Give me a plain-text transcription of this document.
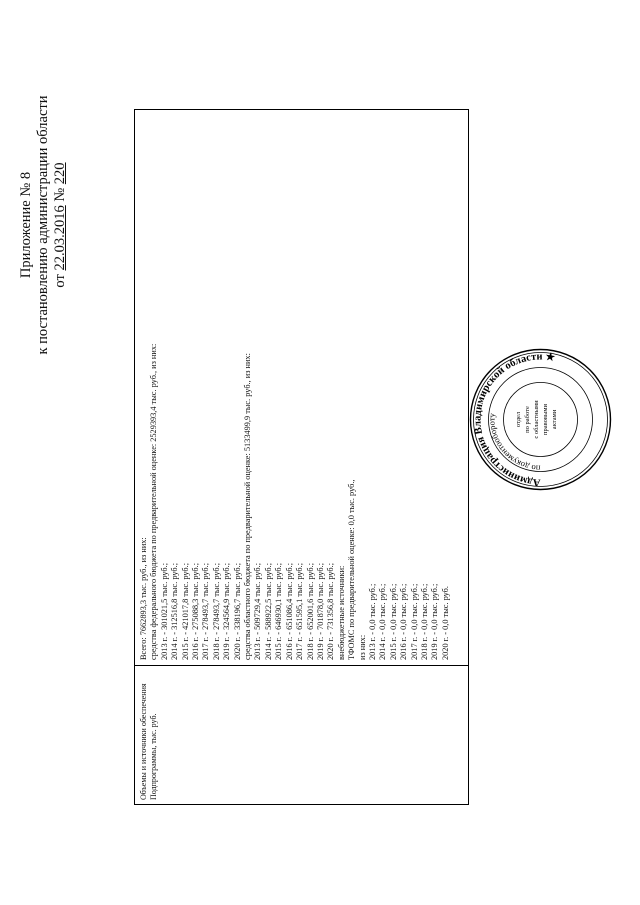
Приложение № 8 к постановлению администрации области от 22.03.2016 № 220
Объемы и источники обеспечения Подпрограммы, тыс. руб.
Всего: 7662893,3 тыс. руб., из них: средства федерального бюджета по предварительной оценке: 2529393,4 тыс. руб., из них: 2013 г. - 301021,5 тыс. руб.; 2014 г. - 312516,8 тыс. руб.; 2015 г. - 421017,8 тыс. руб.; 2016 г. - 275088,3 тыс. руб.; 2017 г. - 278493,7 тыс. руб.; 2018 г. - 278493,7 тыс. руб.; 2019 г. - 324564,9 тыс. руб.; 2020 г. - 338196,7 тыс. руб.; средства областного бюджета по предварительной оценке: 5133499,9 тыс. руб., из них: 2013 г. - 509729,4 тыс. руб.; 2014 г. - 588922,5 тыс. руб.; 2015 г. - 646930,1 тыс. руб.; 2016 г. - 651086,4 тыс. руб.; 2017 г. - 651595,1 тыс. руб.; 2018 г. - 652001,6 тыс. руб.; 2019 г. - 701878,0 тыс. руб.; 2020 г. - 731356,8 тыс. руб.; внебюджетные источники: ТФОМС по предварительной оценке: 0,0 тыс. руб., из них: 2013 г. - 0,0 тыс. руб.; 2014 г. - 0,0 тыс. руб.; 2015 г. - 0,0 тыс. руб.; 2016 г. - 0,0 тыс. руб.; 2017 г. - 0,0 тыс. руб.; 2018 г. - 0,0 тыс. руб.; 2019 г. - 0,0 тыс. руб.; 2020 г. - 0,0 тыс. руб.
Администрация Владимирской области ★
по документообороту	отдел по работе с областными правовыми актами
